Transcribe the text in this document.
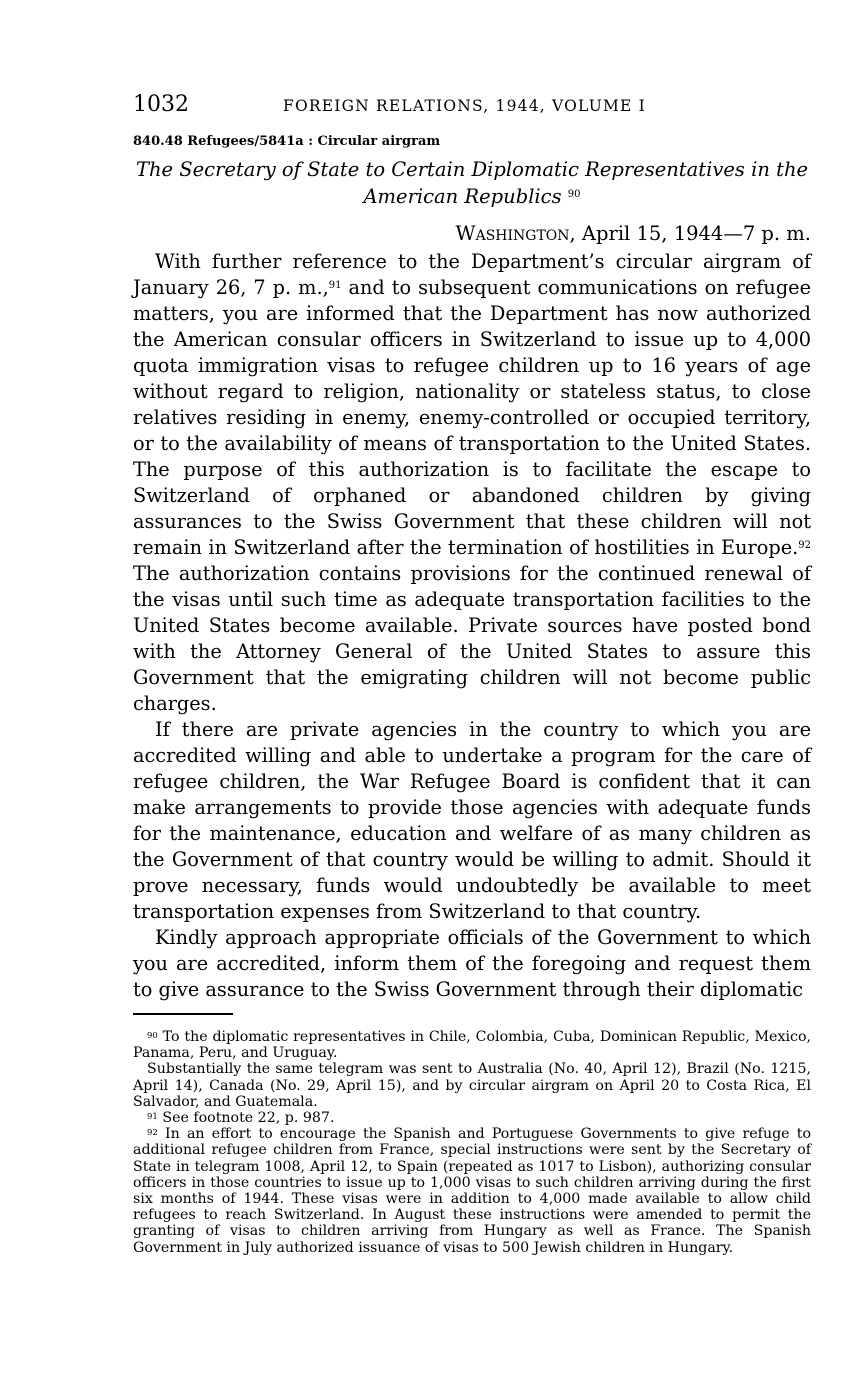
1032	FOREIGN RELATIONS, 1944, VOLUME I
840.48 Refugees/5841a : Circular airgram
The Secretary of State to Certain Diplomatic Representatives in the American Republics $^{90}$
Washington, April 15, 1944—7 p. m.

With further reference to the Department’s circular airgram of January 26, 7 p. m.,$^{91}$ and to subsequent communications on refugee matters, you are informed that the Department has now authorized the American consular officers in Switzerland to issue up to 4,000 quota immigration visas to refugee children up to 16 years of age without regard to religion, nationality or stateless status, to close relatives residing in enemy, enemy-controlled or occupied territory, or to the availability of means of transportation to the United States. The purpose of this authorization is to facilitate the escape to Switzerland of orphaned or abandoned children by giving assurances to the Swiss Government that these children will not remain in Switzerland after the termination of hostilities in Europe.$^{92}$ The authorization contains provisions for the continued renewal of the visas until such time as adequate transportation facilities to the United States become available. Private sources have posted bond with the Attorney General of the United States to assure this Government that the emigrating children will not become public charges.

If there are private agencies in the country to which you are accredited willing and able to undertake a program for the care of refugee children, the War Refugee Board is confident that it can make arrangements to provide those agencies with adequate funds for the maintenance, education and welfare of as many children as the Government of that country would be willing to admit. Should it prove necessary, funds would undoubtedly be available to meet transportation expenses from Switzerland to that country.

Kindly approach appropriate officials of the Government to which you are accredited, inform them of the foregoing and request them to give assurance to the Swiss Government through their diplomatic

$^{90}$ To the diplomatic representatives in Chile, Colombia, Cuba, Dominican Republic, Mexico, Panama, Peru, and Uruguay.

Substantially the same telegram was sent to Australia (No. 40, April 12), Brazil (No. 1215, April 14), Canada (No. 29, April 15), and by circular airgram on April 20 to Costa Rica, El Salvador, and Guatemala.

$^{91}$ See footnote 22, p. 987.

$^{92}$ In an effort to encourage the Spanish and Portuguese Governments to give refuge to additional refugee children from France, special instructions were sent by the Secretary of State in telegram 1008, April 12, to Spain (repeated as 1017 to Lisbon), authorizing consular officers in those countries to issue up to 1,000 visas to such children arriving during the first six months of 1944. These visas were in addition to 4,000 made available to allow child refugees to reach Switzerland. In August these instructions were amended to permit the granting of visas to children arriving from Hungary as well as France. The Spanish Government in July authorized issuance of visas to 500 Jewish children in Hungary.
